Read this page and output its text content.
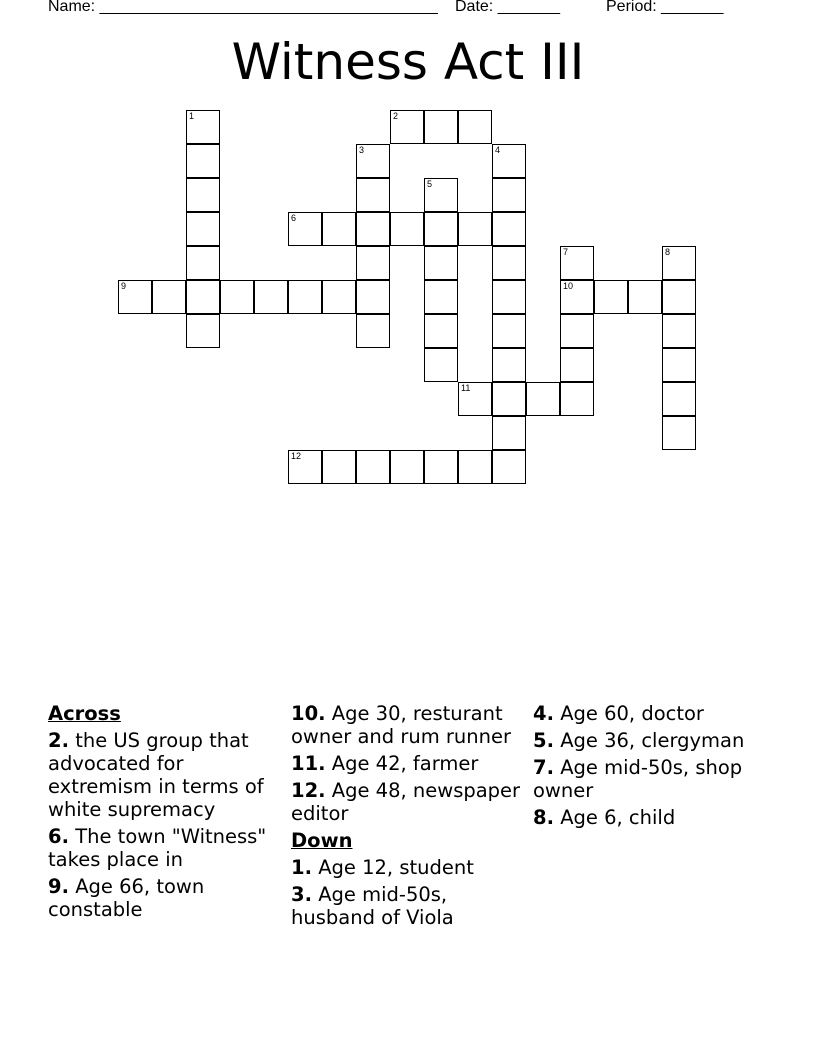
Name: ______________________________________ Date: _______	Period: _______
Witness Act III
2
6
9	10
11
12
1
3	4
5
7	8

Across

2. the US group that advocated for extremism in terms of white supremacy
6. The town "Witness" takes place in
9. Age 66, town constable
10. Age 30, resturant owner and rum runner
11. Age 42, farmer
12. Age 48, newspaper editor

Down

1. Age 12, student
3. Age mid-50s, husband of Viola
4. Age 60, doctor
5. Age 36, clergyman
7. Age mid-50s, shop owner
8. Age 6, child
